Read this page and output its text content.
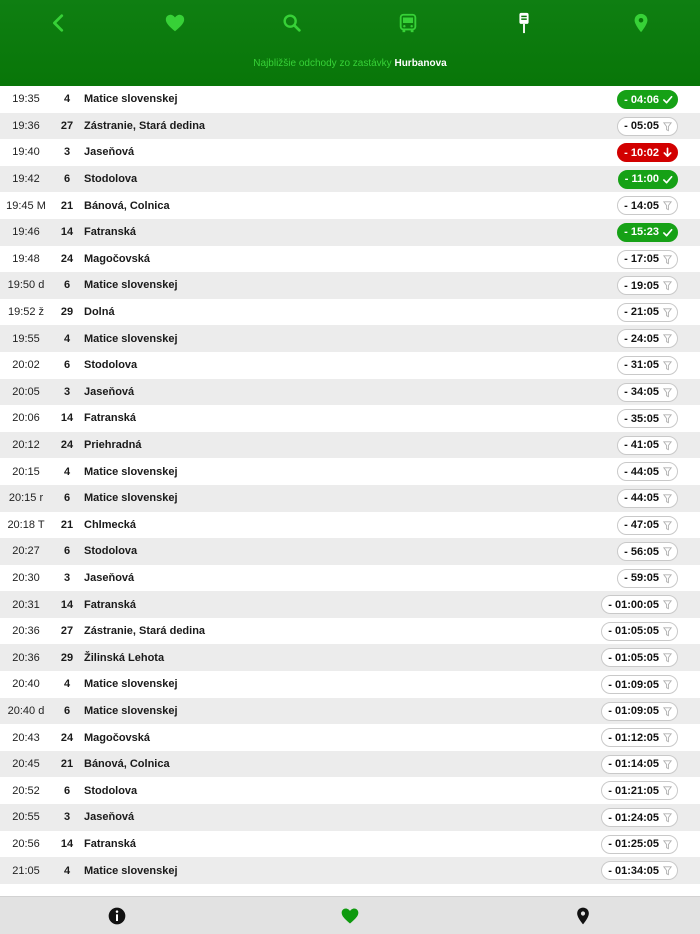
Najbližšie odchody zo zastávky Hurbanova
19:35	4	Matice slovenskej	- 04:06
19:36	27 Zástranie, Stará dedina	- 05:05
19:40	3	Jaseňová	- 10:02
19:42	6	Stodolova	- 11:00
19:45 M	21 Bánová, Colnica	- 14:05
19:46	14 Fatranská	- 15:23
19:48	24 Magočovská	- 17:05
19:50 d	6	Matice slovenskej	- 19:05
19:52 ž	29 Dolná	- 21:05
19:55	4	Matice slovenskej	- 24:05
20:02	6	Stodolova	- 31:05
20:05	3	Jaseňová	- 34:05
20:06	14 Fatranská	- 35:05
20:12	24 Priehradná	- 41:05
20:15	4	Matice slovenskej	- 44:05
20:15 r	6	Matice slovenskej	- 44:05
20:18 T	21 Chlmecká	- 47:05
20:27	6	Stodolova	- 56:05
20:30	3	Jaseňová	- 59:05
20:31	14 Fatranská	- 01:00:05
20:36	27 Zástranie, Stará dedina	- 01:05:05
20:36	29 Žilinská Lehota	- 01:05:05
20:40	4	Matice slovenskej	- 01:09:05
20:40 d	6	Matice slovenskej	- 01:09:05
20:43	24 Magočovská	- 01:12:05
20:45	21 Bánová, Colnica	- 01:14:05
20:52	6	Stodolova	- 01:21:05
20:55	3	Jaseňová	- 01:24:05
20:56	14 Fatranská	- 01:25:05
21:05	4	Matice slovenskej	- 01:34:05
